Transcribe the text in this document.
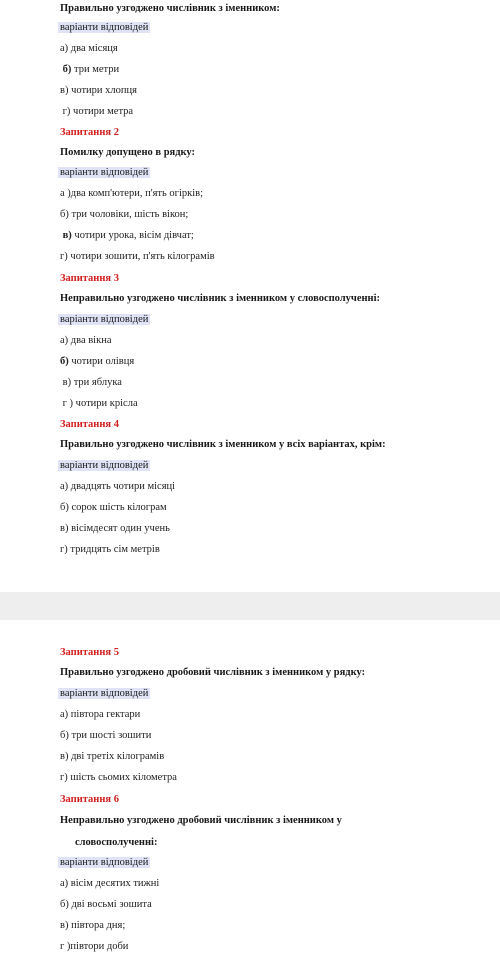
Правильно узгоджено числівник з іменником:
варіанти відповідей
а) два місяця
б) три метри
в) чотири хлопця
г) чотири метра
Запитання 2
Помилку допущено в рядку:
варіанти відповідей
а )два комп'ютери, п'ять огірків;
б) три чоловіки, шість вікон;
в) чотири урока, вісім дівчат;
г) чотири зошити, п'ять кілограмів
Запитання 3
Неправильно узгоджено числівник з іменником у словосполученні:
варіанти відповідей
а) два вікна
б) чотири олівця
в) три яблука
г ) чотири крісла
Запитання 4
Правильно узгоджено числівник з іменником у всіх варіантах, крім:
варіанти відповідей
а) двадцять чотири місяці
б) сорок шість кілограм
в) вісімдесят один учень
г) тридцять сім метрів
Запитання 5
Правильно узгоджено дробовий числівник з іменником у рядку:
варіанти відповідей
а) півтора гектари
б) три шості зошити
в) дві третіх кілограмів
г) шість сьомих кілометра
Запитання 6
Неправильно узгоджено дробовий числівник з іменником у
словосполученні:
варіанти відповідей
а) вісім десятих тижні
б) дві восьмі зошита
в) півтора дня;
г )півтори доби
